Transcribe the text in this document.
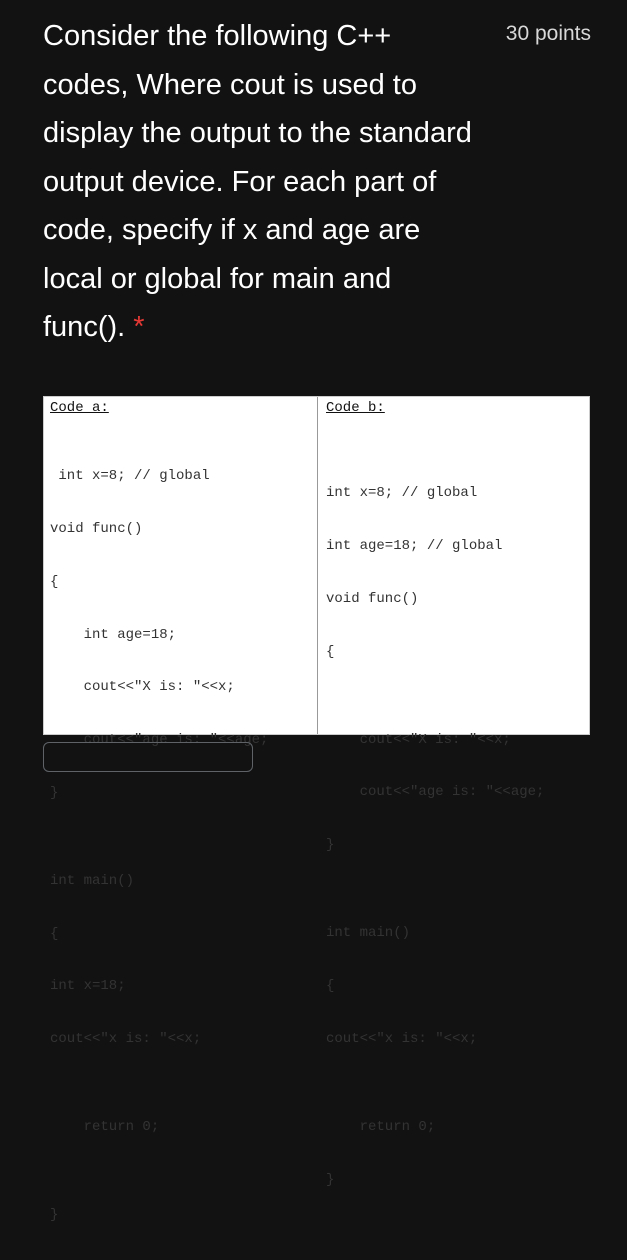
Consider the following C++ codes, Where cout is used to display the output to the standard output device. For each part of code, specify if x and age are local or global for main and func(). *

30 points
Code a:

int x=8; // global

void func()

{

int age=18;

cout<<"X is: "<<x;

cout<<"age is: "<<age;

}

int main()

{

int x=18;

cout<<"x is: "<<x;

return 0;

}

Code b:

int x=8; // global

int age=18; // global

void func()

{

cout<<"X is: "<<x;

cout<<"age is: "<<age;

}

int main()

{

cout<<"x is: "<<x;

return 0;

}
